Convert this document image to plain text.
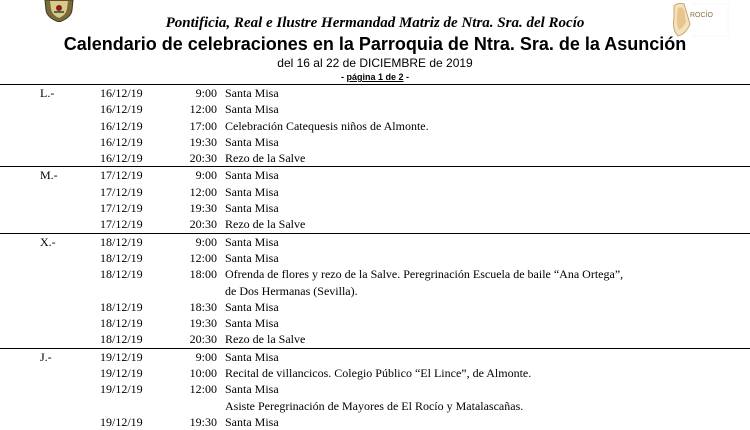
ROCÍO
Pontificia, Real e Ilustre Hermandad Matriz de Ntra. Sra. del Rocío
Calendario de celebraciones en la Parroquia de Ntra. Sra. de la Asunción
del 16 al 22 de DICIEMBRE de 2019
- página 1 de 2 -
L.-	16/12/19	9:00 Santa Misa
16/12/19	12:00 Santa Misa
16/12/19	17:00 Celebración Catequesis niños de Almonte.
16/12/19	19:30 Santa Misa
16/12/19	20:30 Rezo de la Salve
M.-	17/12/19	9:00 Santa Misa
17/12/19	12:00 Santa Misa
17/12/19	19:30 Santa Misa
17/12/19	20:30 Rezo de la Salve
X.-	18/12/19	9:00 Santa Misa
18/12/19	12:00 Santa Misa
18/12/19	18:00 Ofrenda de flores y rezo de la Salve. Peregrinación Escuela de baile “Ana Ortega”,
de Dos Hermanas (Sevilla).
18/12/19	18:30 Santa Misa
18/12/19	19:30 Santa Misa
18/12/19	20:30 Rezo de la Salve
J.-	19/12/19	9:00 Santa Misa
19/12/19	10:00 Recital de villancicos. Colegio Público “El Lince”, de Almonte.
19/12/19	12:00 Santa Misa
Asiste Peregrinación de Mayores de El Rocío y Matalascañas.
19/12/19	19:30 Santa Misa
